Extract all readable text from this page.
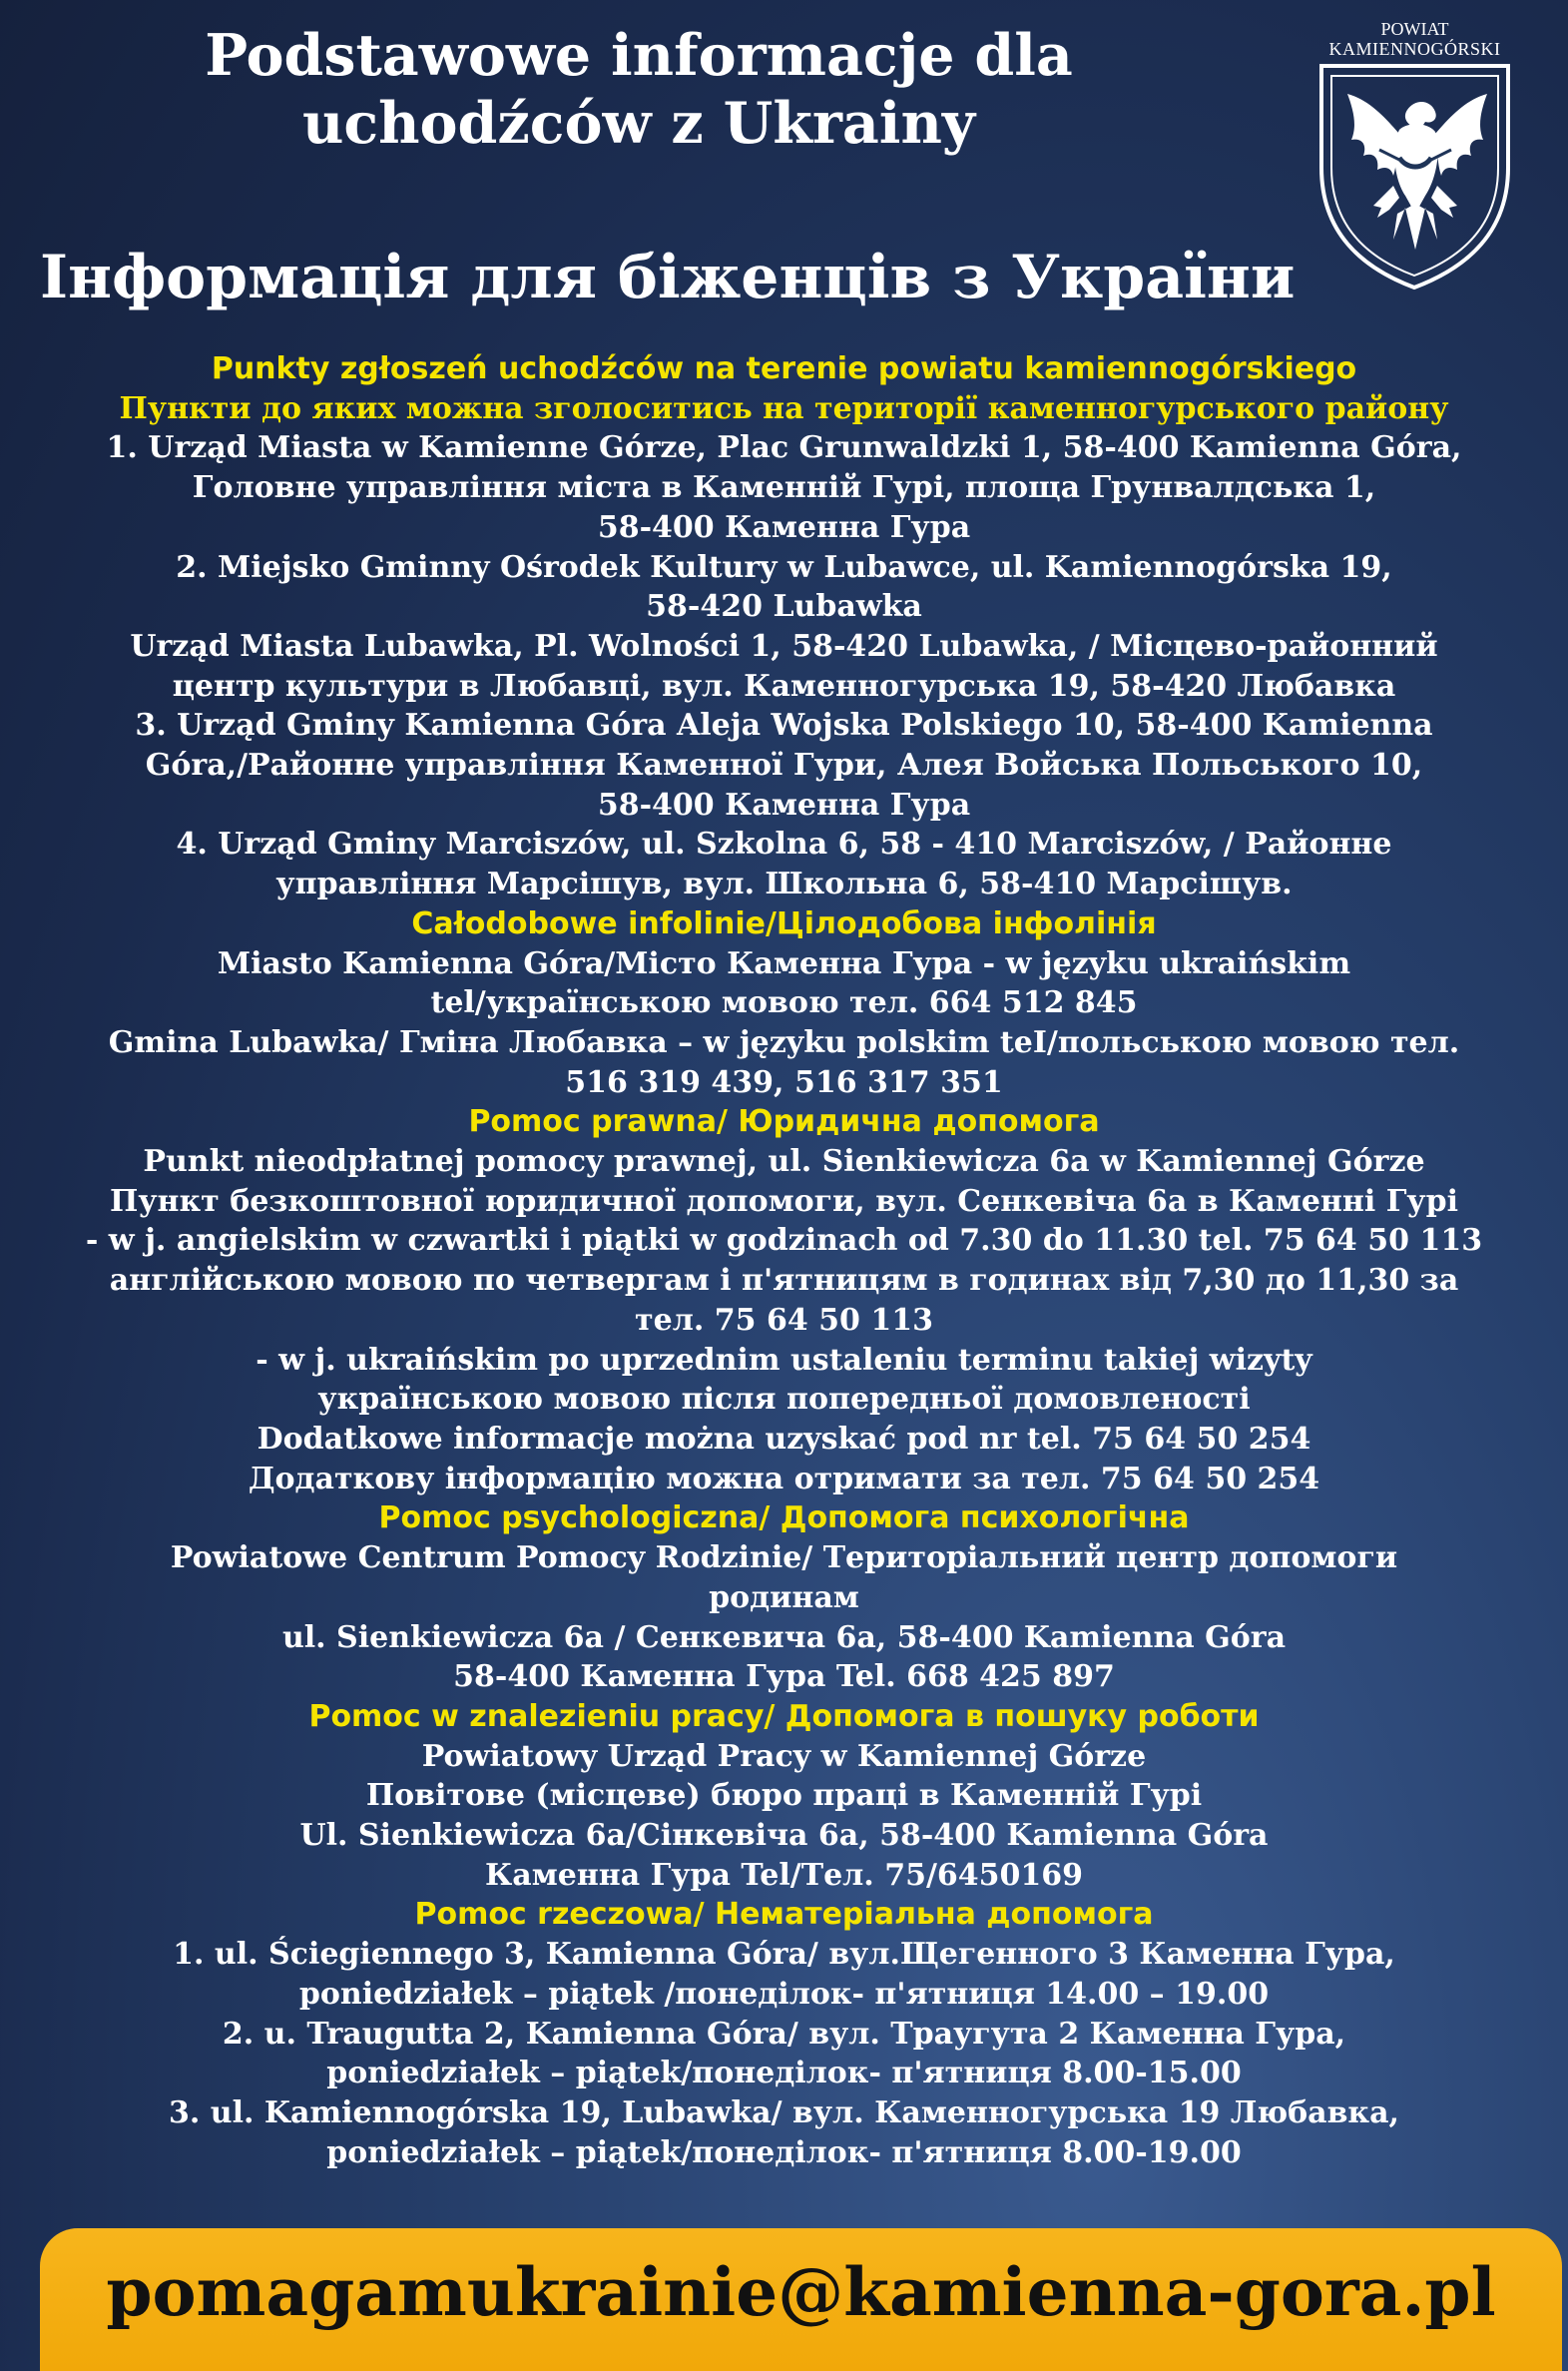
Podstawowe informacje dla
uchodźców z Ukrainy
Інформація для біженців з України
POWIAT
KAMIENNOGÓRSKI
Punkty zgłoszeń uchodźców na terenie powiatu kamiennogórskiego
Пункти до яких можна зголоситись на території каменногурського району
1. Urząd Miasta w Kamienne Górze, Plac Grunwaldzki 1, 58-400 Kamienna Góra,
Головне управління міста в Каменній Гурі, площа Грунвалдська 1,
58-400 Каменна Гура
2. Miejsko Gminny Ośrodek Kultury w Lubawce, ul. Kamiennogórska 19,
58-420 Lubawka
Urząd Miasta Lubawka, Pl. Wolności 1, 58-420 Lubawka, / Місцево-районний
центр культури в Любавці, вул. Каменногурська 19, 58-420 Любавка
3. Urząd Gminy Kamienna Góra Aleja Wojska Polskiego 10, 58-400 Kamienna
Góra,/Районне управління Каменної Гури, Алея Войська Польського 10,
58-400 Каменна Гура
4. Urząd Gminy Marciszów, ul. Szkolna 6, 58 - 410 Marciszów, / Районне
управління Марсішув, вул. Школьна 6, 58-410 Марсішув.
Całodobowe infolinie/Цілодобова інфолінія
Miasto Kamienna Góra/Місто Каменна Гура - w języku ukraińskim
tel/українською мовою тел. 664 512 845
Gmina Lubawka/ Гміна Любавка – w języku polskim teI/польською мовою тел.
516 319 439, 516 317 351
Pomoc prawna/ Юридична допомога
Punkt nieodpłatnej pomocy prawnej, ul. Sienkiewicza 6a w Kamiennej Górze
Пункт безкоштовної юридичної допомоги, вул. Сенкевіча 6а в Каменні Гурі
- w j. angielskim w czwartki i piątki w godzinach od 7.30 do 11.30 tel. 75 64 50 113
англійською мовою по четвергам і п'ятницям в годинах від 7,30 до 11,30 за
тел. 75 64 50 113
- w j. ukraińskim po uprzednim ustaleniu terminu takiej wizyty
українською мовою після попередньої домовленості
Dodatkowe informacje można uzyskać pod nr tel. 75 64 50 254
Додаткову інформацію можна отримати за тел. 75 64 50 254
Pomoc psychologiczna/ Допомога психологічна
Powiatowe Centrum Pomocy Rodzinie/ Територіальний центр допомоги
родинам
ul. Sienkiewicza 6a / Сенкевича 6а, 58-400 Kamienna Góra
58-400 Каменна Гура Tel. 668 425 897
Pomoc w znalezieniu pracy/ Допомога в пошуку роботи
Powiatowy Urząd Pracy w Kamiennej Górze
Повітове (місцеве) бюро праці в Каменній Гурі
Ul. Sienkiewicza 6a/Сінкевіча 6а, 58-400 Kamienna Góra
Каменна Гура Tel/Тел. 75/6450169
Pomoc rzeczowa/ Нематеріальна допомога
1. ul. Ściegiennego 3, Kamienna Góra/ вул.Щегенного 3 Каменна Гура,
poniedziałek – piątek /понеділок- п'ятниця 14.00 – 19.00
2. u. Traugutta 2, Kamienna Góra/ вул. Траугута 2 Каменна Гура,
poniedziałek – piątek/понеділок- п'ятниця 8.00-15.00
3. ul. Kamiennogórska 19, Lubawka/ вул. Каменногурська 19 Любавка,
poniedziałek – piątek/понеділок- п'ятниця 8.00-19.00
pomagamukrainie@kamienna-gora.pl
